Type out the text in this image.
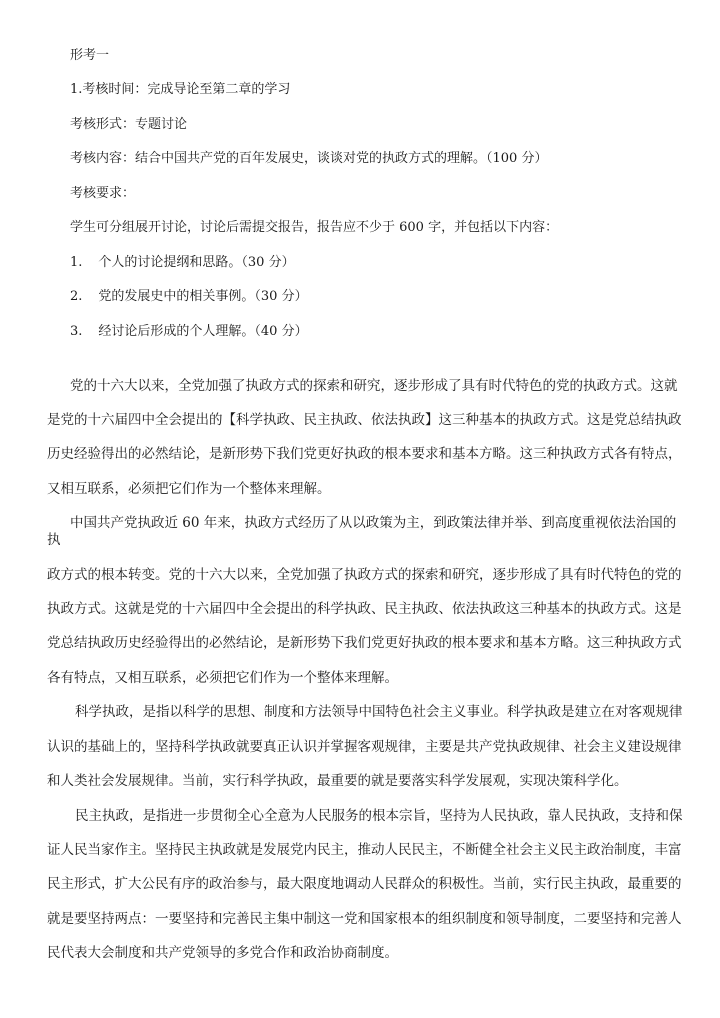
形考一
1.考核时间：完成导论至第二章的学习
考核形式：专题讨论
考核内容：结合中国共产党的百年发展史，谈谈对党的执政方式的理解。（100 分）
考核要求：
学生可分组展开讨论，讨论后需提交报告，报告应不少于 600 字，并包括以下内容：
1. 个人的讨论提纲和思路。（30 分）
2. 党的发展史中的相关事例。（30 分）
3. 经讨论后形成的个人理解。（40 分）
党的十六大以来，全党加强了执政方式的探索和研究，逐步形成了具有时代特色的党的执政方式。这就
是党的十六届四中全会提出的【科学执政、民主执政、依法执政】这三种基本的执政方式。这是党总结执政
历史经验得出的必然结论，是新形势下我们党更好执政的根本要求和基本方略。这三种执政方式各有特点，
又相互联系，必须把它们作为一个整体来理解。
中国共产党执政近 60 年来，执政方式经历了从以政策为主，到政策法律并举、到高度重视依法治国的
执
政方式的根本转变。党的十六大以来，全党加强了执政方式的探索和研究，逐步形成了具有时代特色的党的
执政方式。这就是党的十六届四中全会提出的科学执政、民主执政、依法执政这三种基本的执政方式。这是
党总结执政历史经验得出的必然结论，是新形势下我们党更好执政的根本要求和基本方略。这三种执政方式
各有特点，又相互联系，必须把它们作为一个整体来理解。
科学执政，是指以科学的思想、制度和方法领导中国特色社会主义事业。科学执政是建立在对客观规律
认识的基础上的，坚持科学执政就要真正认识并掌握客观规律，主要是共产党执政规律、社会主义建设规律
和人类社会发展规律。当前，实行科学执政，最重要的就是要落实科学发展观，实现决策科学化。
民主执政，是指进一步贯彻全心全意为人民服务的根本宗旨，坚持为人民执政，靠人民执政，支持和保
证人民当家作主。坚持民主执政就是发展党内民主，推动人民民主，不断健全社会主义民主政治制度，丰富
民主形式，扩大公民有序的政治参与，最大限度地调动人民群众的积极性。当前，实行民主执政，最重要的
就是要坚持两点：一要坚持和完善民主集中制这一党和国家根本的组织制度和领导制度，二要坚持和完善人
民代表大会制度和共产党领导的多党合作和政治协商制度。
